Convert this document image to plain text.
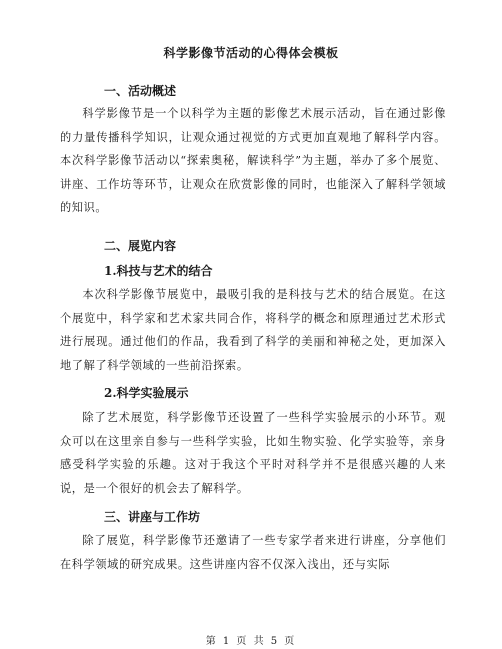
科学影像节活动的心得体会模板
一、活动概述

科学影像节是一个以科学为主题的影像艺术展示活动，旨在通过影像的力量传播科学知识，让观众通过视觉的方式更加直观地了解科学内容。本次科学影像节活动以“探索奥秘，解读科学”为主题，举办了多个展览、讲座、工作坊等环节，让观众在欣赏影像的同时，也能深入了解科学领域的知识。

二、展览内容
1.科技与艺术的结合

本次科学影像节展览中，最吸引我的是科技与艺术的结合展览。在这个展览中，科学家和艺术家共同合作，将科学的概念和原理通过艺术形式进行展现。通过他们的作品，我看到了科学的美丽和神秘之处，更加深入地了解了科学领域的一些前沿探索。

2.科学实验展示

除了艺术展览，科学影像节还设置了一些科学实验展示的小环节。观众可以在这里亲自参与一些科学实验，比如生物实验、化学实验等，亲身感受科学实验的乐趣。这对于我这个平时对科学并不是很感兴趣的人来说，是一个很好的机会去了解科学。

三、讲座与工作坊

除了展览，科学影像节还邀请了一些专家学者来进行讲座，分享他们在科学领域的研究成果。这些讲座内容不仅深入浅出，还与实际

第 1 页 共 5 页
